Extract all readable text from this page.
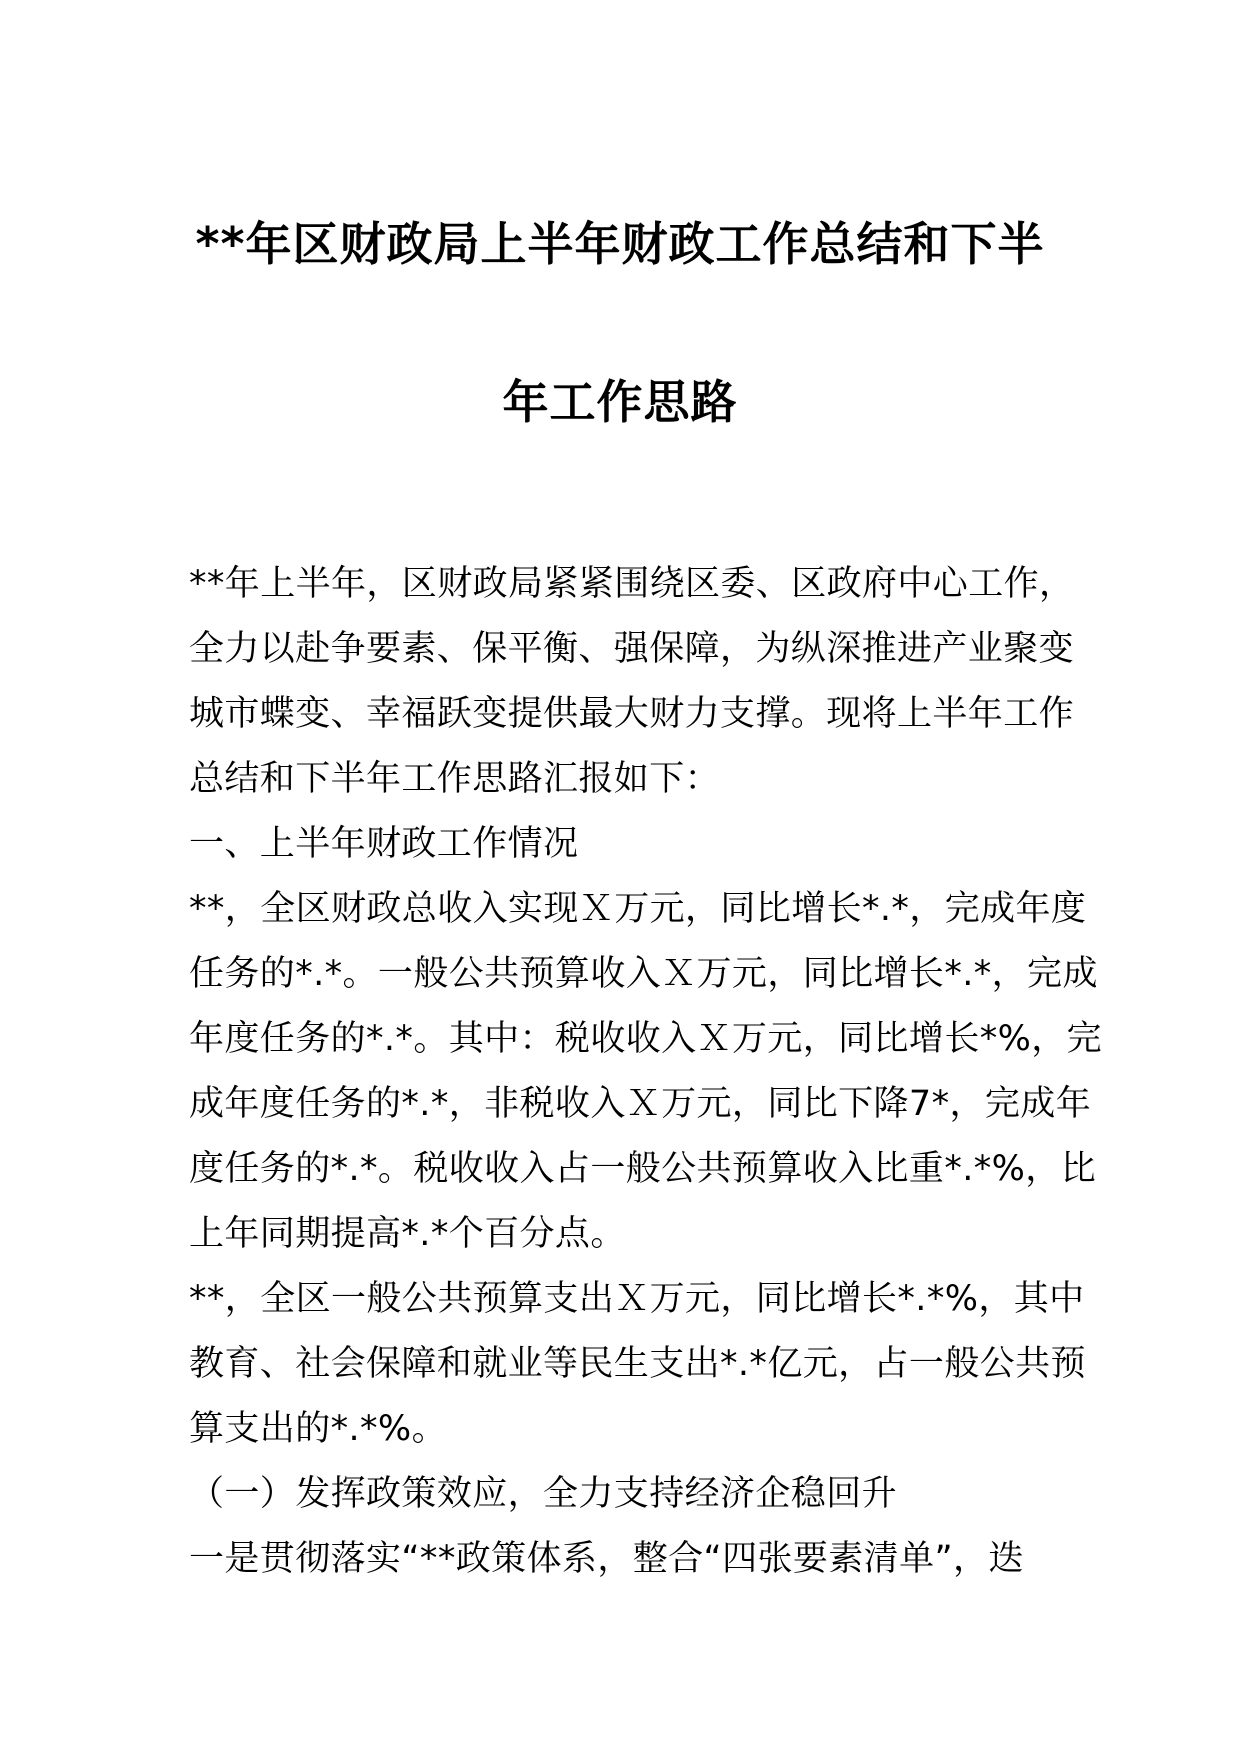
**年区财政局上半年财政工作总结和下半
年工作思路
**年上半年，区财政局紧紧围绕区委、区政府中心工作，
全力以赴争要素、保平衡、强保障，为纵深推进产业聚变
城市蝶变、幸福跃变提供最大财力支撑。现将上半年工作
总结和下半年工作思路汇报如下：
一、上半年财政工作情况
**，全区财政总收入实现Ｘ万元，同比增长*.*，完成年度
任务的*.*。一般公共预算收入Ｘ万元，同比增长*.*，完成
年度任务的*.*。其中：税收收入Ｘ万元，同比增长*%，完
成年度任务的*.*，非税收入Ｘ万元，同比下降7*，完成年
度任务的*.*。税收收入占一般公共预算收入比重*.*%，比
上年同期提高*.*个百分点。
**，全区一般公共预算支出Ｘ万元，同比增长*.*%，其中
教育、社会保障和就业等民生支出*.*亿元，占一般公共预
算支出的*.*%。
（一）发挥政策效应，全力支持经济企稳回升
一是贯彻落实“**政策体系，整合“四张要素清单”，迭
